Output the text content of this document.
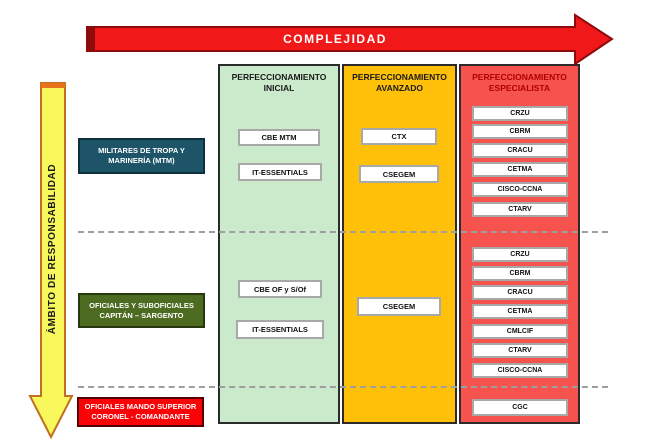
COMPLEJIDAD
ÁMBITO DE RESPONSABILIDAD
PERFECCIONAMIENTO
INICIAL
PERFECCIONAMIENTO
AVANZADO
PERFECCIONAMIENTO
ESPECIALISTA
MILITARES DE TROPA Y
MARINERÍA (MTM)
OFICIALES Y SUBOFICIALES
CAPITÁN – SARGENTO
OFICIALES MANDO SUPERIOR
CORONEL - COMANDANTE
CBE MTM
IT-ESSENTIALS
CBE OF y S/Of
IT-ESSENTIALS
CTX
CSEGEM
CSEGEM
CRZU
CBRM
CRACU
CETMA
CISCO-CCNA
CTARV
CRZU
CBRM
CRACU
CETMA
CMLCIF
CTARV
CISCO-CCNA
CGC
